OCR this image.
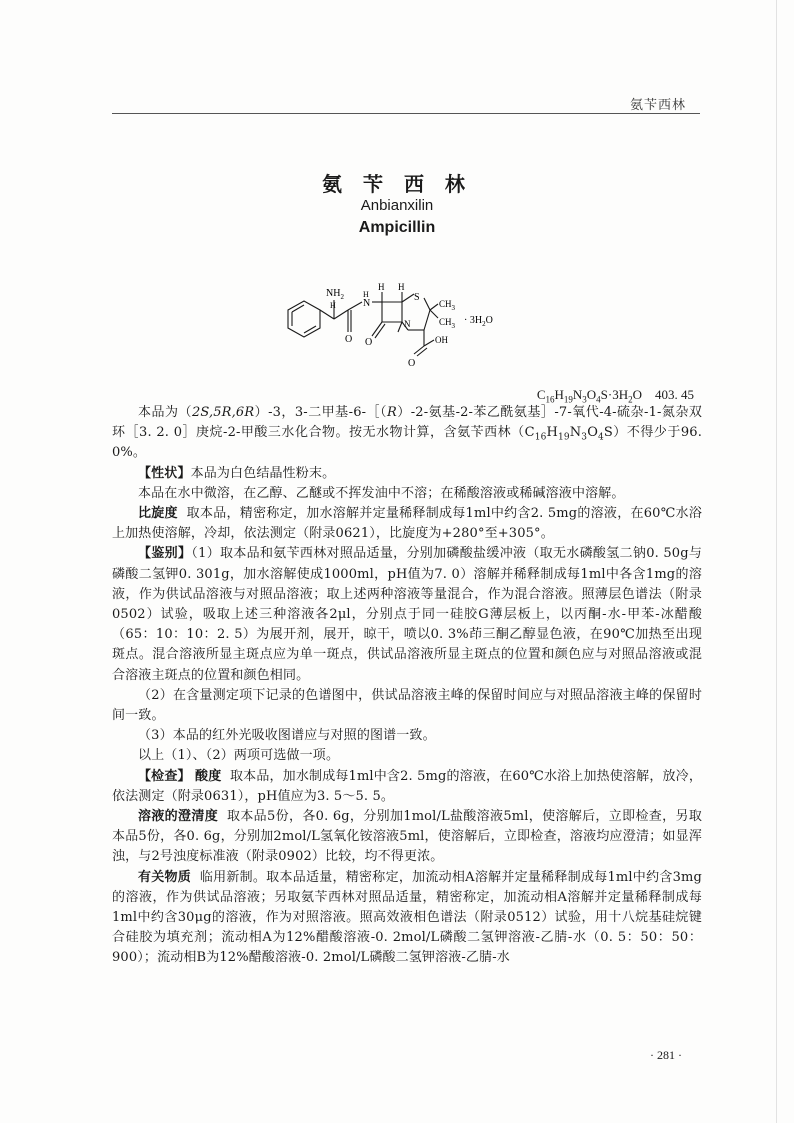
氨苄西林
氨 苄 西 林
Anbianxilin
Ampicillin
$NH_2$
H	N
H
H H
S
$CH_3$
$CH_3$
N
O
O	OH
O
· $3H_2O$
$C_{16}H_{19}N_3O_4S\cdot 3H_2O$ 403. 45

本品为（2S,5R,6R）-3，3-二甲基-6-［（R）-2-氨基-2-苯乙酰氨基］-7-氧代-4-硫杂-1-氮杂双环［3. 2. 0］庚烷-2-甲酸三水化合物。按无水物计算，含氨苄西林$(C_{16}H_{19}N_3O_4S)$不得少于96. 0%。

【性状】本品为白色结晶性粉末。

本品在水中微溶，在乙醇、乙醚或不挥发油中不溶；在稀酸溶液或稀碱溶液中溶解。

比旋度 取本品，精密称定，加水溶解并定量稀释制成每1ml中约含2. 5mg的溶液，在60℃水浴上加热使溶解，冷却，依法测定（附录0621），比旋度为+280°至+305°。

【鉴别】（1）取本品和氨苄西林对照品适量，分别加磷酸盐缓冲液（取无水磷酸氢二钠0. 50g与磷酸二氢钾0. 301g，加水溶解使成1000ml，pH值为7. 0）溶解并稀释制成每1ml中各含1mg的溶液，作为供试品溶液与对照品溶液；取上述两种溶液等量混合，作为混合溶液。照薄层色谱法（附录0502）试验，吸取上述三种溶液各2μl，分别点于同一硅胶G薄层板上，以丙酮-水-甲苯-冰醋酸（65：10：10：2. 5）为展开剂，展开，晾干，喷以0. 3%茚三酮乙醇显色液，在90℃加热至出现斑点。混合溶液所显主斑点应为单一斑点，供试品溶液所显主斑点的位置和颜色应与对照品溶液或混合溶液主斑点的位置和颜色相同。

（2）在含量测定项下记录的色谱图中，供试品溶液主峰的保留时间应与对照品溶液主峰的保留时间一致。

（3）本品的红外光吸收图谱应与对照的图谱一致。

以上（1）、（2）两项可选做一项。

【检查】 酸度 取本品，加水制成每1ml中含2. 5mg的溶液，在60℃水浴上加热使溶解，放冷，依法测定（附录0631），pH值应为3. 5～5. 5。

溶液的澄清度 取本品5份，各0. 6g，分别加1mol/L盐酸溶液5ml，使溶解后，立即检查，另取本品5份，各0. 6g，分别加2mol/L氢氧化铵溶液5ml，使溶解后，立即检查，溶液均应澄清；如显浑浊，与2号浊度标准液（附录0902）比较，均不得更浓。

有关物质 临用新制。取本品适量，精密称定，加流动相A溶解并定量稀释制成每1ml中约含3mg的溶液，作为供试品溶液；另取氨苄西林对照品适量，精密称定，加流动相A溶解并定量稀释制成每1ml中约含30μg的溶液，作为对照溶液。照高效液相色谱法（附录0512）试验，用十八烷基硅烷键合硅胶为填充剂；流动相A为12%醋酸溶液-0. 2mol/L磷酸二氢钾溶液-乙腈-水（0. 5：50：50：900）；流动相B为12%醋酸溶液-0. 2mol/L磷酸二氢钾溶液-乙腈-水

· 281 ·
